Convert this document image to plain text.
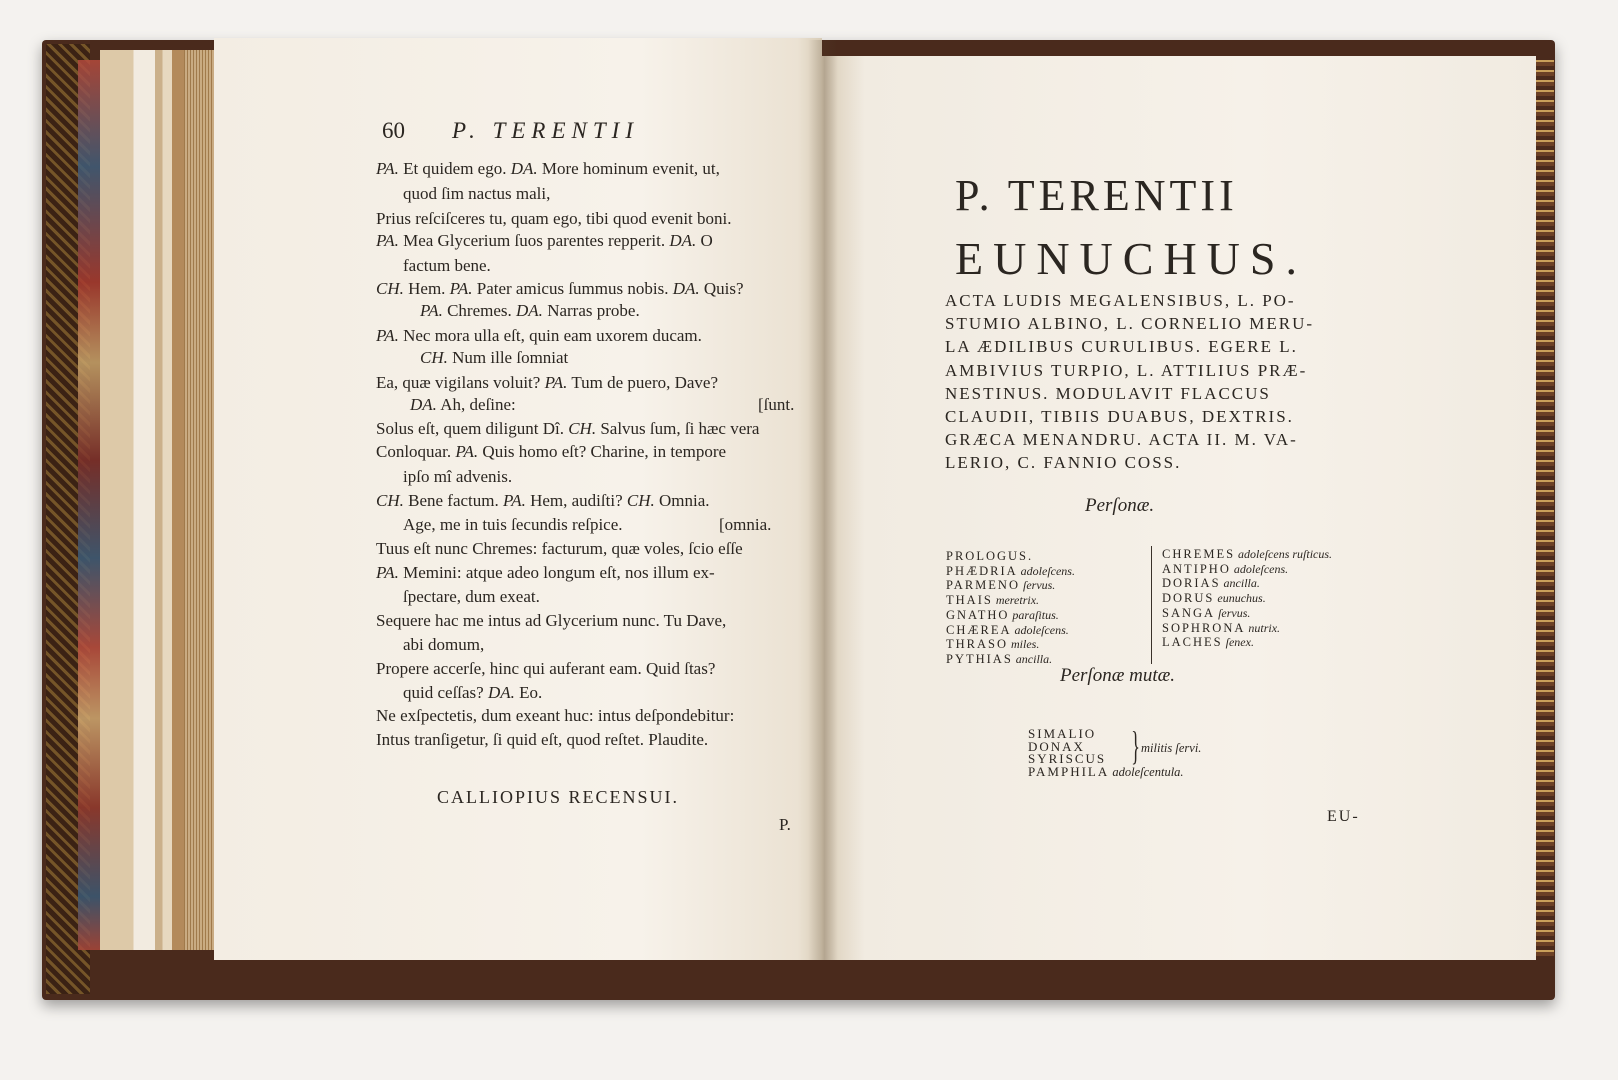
60 P. TERENTII
PA. Et quidem ego. DA. More hominum evenit, ut,
quod ſim nactus mali,
Prius reſciſceres tu, quam ego, tibi quod evenit boni.
PA. Mea Glycerium ſuos parentes repperit. DA. O
factum bene.
CH. Hem. PA. Pater amicus ſummus nobis. DA. Quis?
PA. Chremes. DA. Narras probe.
PA. Nec mora ulla eſt, quin eam uxorem ducam.
CH. Num ille ſomniat
Ea, quæ vigilans voluit? PA. Tum de puero, Dave?
DA. Ah, deſine:	[ſunt.
Solus eſt, quem diligunt Dî. CH. Salvus ſum, ſi hæc vera
Conloquar. PA. Quis homo eſt? Charine, in tempore
ipſo mî advenis.
CH. Bene factum. PA. Hem, audiſti? CH. Omnia.
Age, me in tuis ſecundis reſpice.	[omnia.
Tuus eſt nunc Chremes: facturum, quæ voles, ſcio eſſe
PA. Memini: atque adeo longum eſt, nos illum ex-
ſpectare, dum exeat.
Sequere hac me intus ad Glycerium nunc. Tu Dave,
abi domum,
Propere accerſe, hinc qui auferant eam. Quid ſtas?
quid ceſſas? DA. Eo.
Ne exſpectetis, dum exeant huc: intus deſpondebitur:
Intus tranſigetur, ſi quid eſt, quod reſtet. Plaudite.
CALLIOPIUS RECENSUI.
P.
P. TERENTII
EUNUCHUS.
ACTA LUDIS MEGALENSIBUS, L. PO-
STUMIO ALBINO, L. CORNELIO MERU-
LA ÆDILIBUS CURULIBUS. EGERE L.
AMBIVIUS TURPIO, L. ATTILIUS PRÆ-
NESTINUS. MODULAVIT FLACCUS
CLAUDII, TIBIIS DUABUS, DEXTRIS.
GRÆCA MENANDRU. ACTA II. M. VA-
LERIO, C. FANNIO COSS.
Perſonæ.
PROLOGUS.
PHÆDRIA adoleſcens.
PARMENO ſervus.
THAIS meretrix.
GNATHO paraſitus.
CHÆREA adoleſcens.
THRASO miles.
PYTHIAS ancilla.
CHREMES adoleſcens ruſticus.
ANTIPHO adoleſcens.
DORIAS ancilla.
DORUS eunuchus.
SANGA ſervus.
SOPHRONA nutrix.
LACHES ſenex.
Perſonæ mutæ.
SIMALIO
DONAX
SYRISCUS
PAMPHILA adoleſcentula.
} militis ſervi.
EU-
